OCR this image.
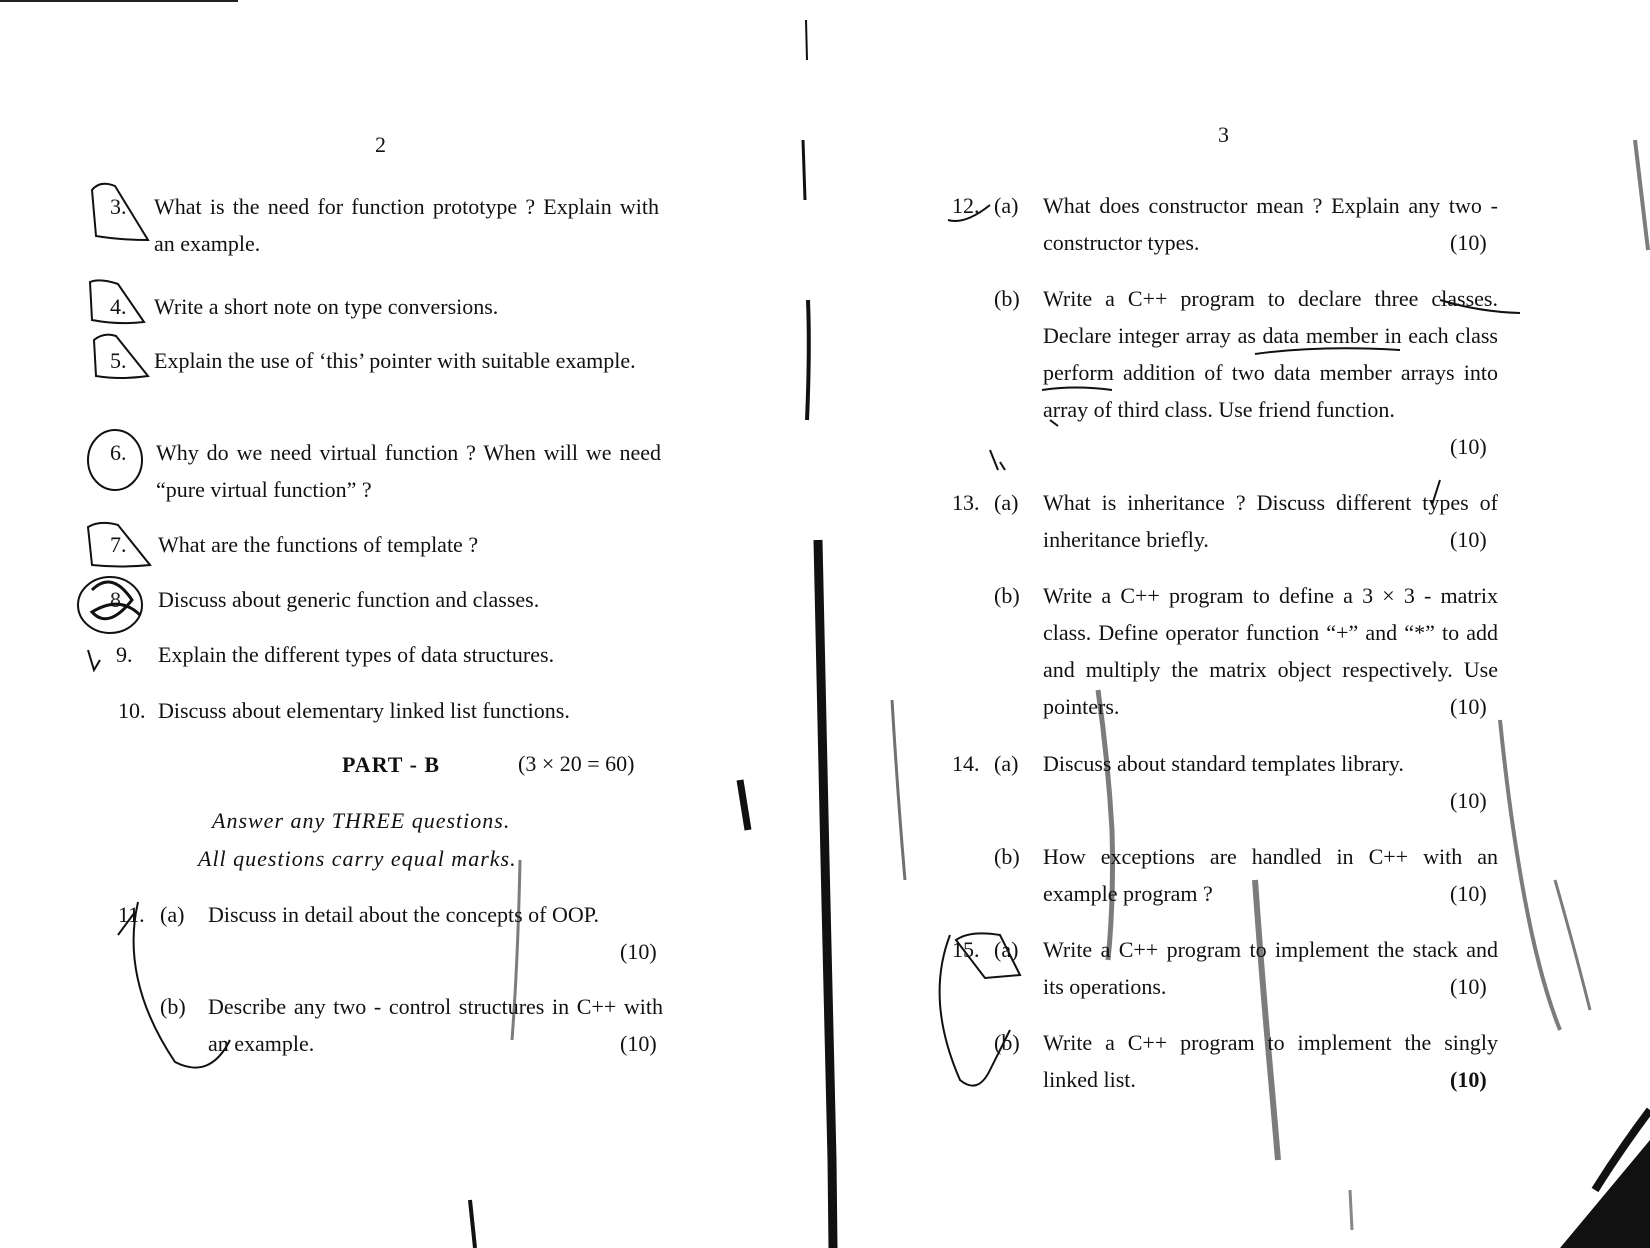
2
3. What is the need for function prototype ? Explain with an example.
4. Write a short note on type conversions.
5. Explain the use of ‘this’ pointer with suitable example.
6. Why do we need virtual function ? When will we need “pure virtual function” ?
7. What are the functions of template ?
8. Discuss about generic function and classes.
9. Explain the different types of data structures.
10. Discuss about elementary linked list functions.
PART - B	(3 × 20 = 60)
Answer any THREE questions.
All questions carry equal marks.
11. (a) Discuss in detail about the concepts of OOP.
(10)
(b) Describe any two - control structures in C++ with an example.	(10)
3
12. (a) What does constructor mean ? Explain any two - constructor types.	(10)
(b) Write a C++ program to declare three classes. Declare integer array as data member in each class perform addition of two data member arrays into array of third class. Use friend function.
(10)
13. (a) What is inheritance ? Discuss different types of inheritance briefly.	(10)
(b) Write a C++ program to define a 3 × 3 - matrix class. Define operator function “+” and “*” to add and multiply the matrix object respectively. Use pointers.	(10)
14. (a) Discuss about standard templates library.
(10)
(b) How exceptions are handled in C++ with an example program ?	(10)
15. (a) Write a C++ program to implement the stack and its operations.	(10)
(b) Write a C++ program to implement the singly linked list.	(10)
